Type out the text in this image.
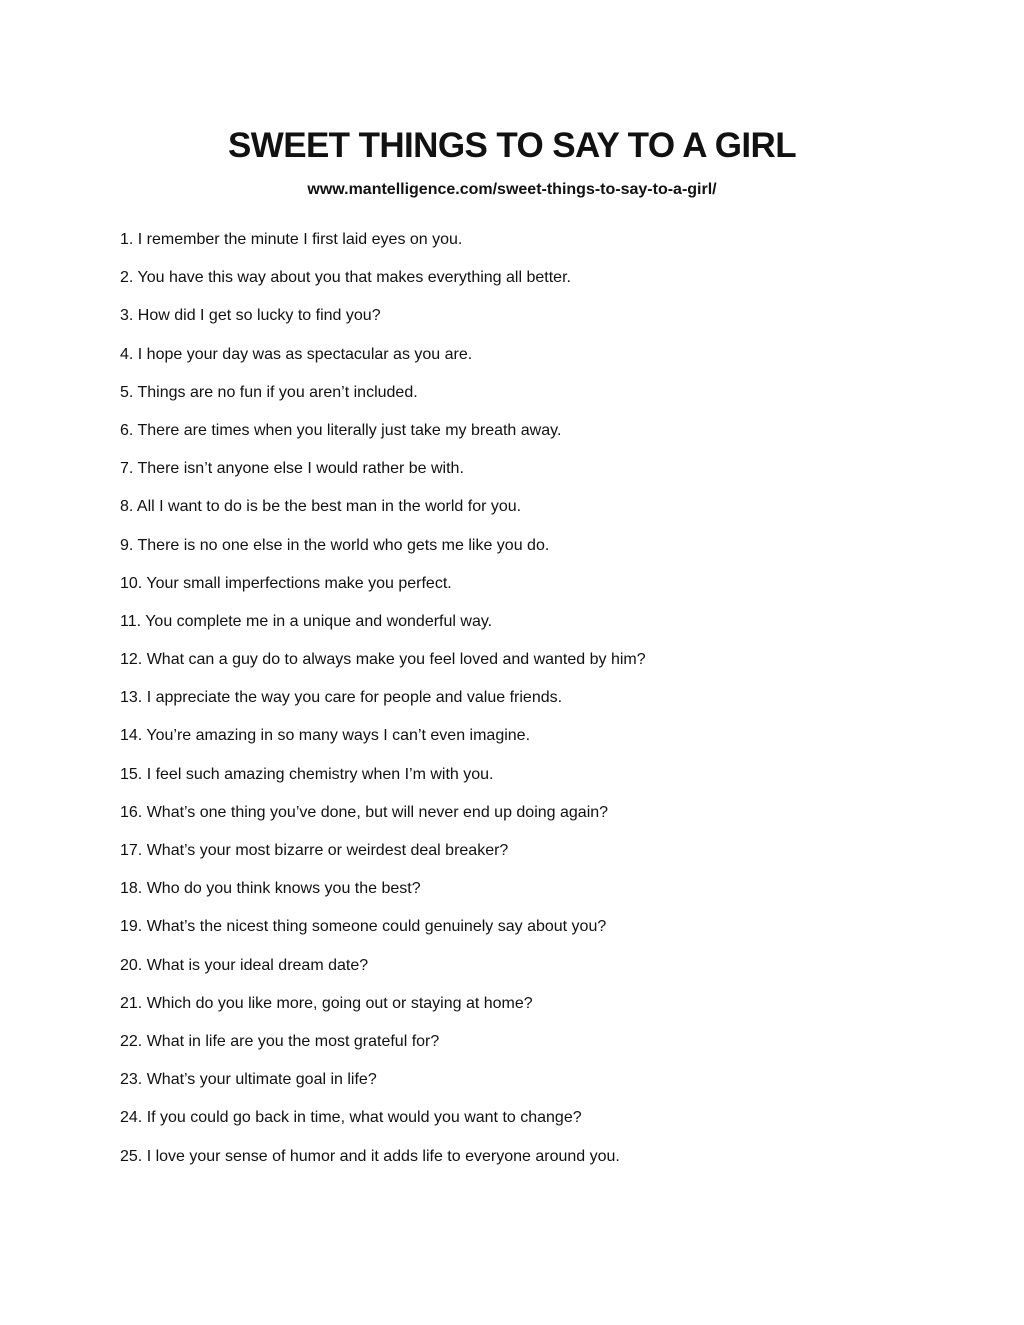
SWEET THINGS TO SAY TO A GIRL
www.mantelligence.com/sweet-things-to-say-to-a-girl/
1. I remember the minute I first laid eyes on you.
2. You have this way about you that makes everything all better.
3. How did I get so lucky to find you?
4. I hope your day was as spectacular as you are.
5. Things are no fun if you aren’t included.
6. There are times when you literally just take my breath away.
7. There isn’t anyone else I would rather be with.
8. All I want to do is be the best man in the world for you.
9. There is no one else in the world who gets me like you do.
10. Your small imperfections make you perfect.
11. You complete me in a unique and wonderful way.
12. What can a guy do to always make you feel loved and wanted by him?
13. I appreciate the way you care for people and value friends.
14. You’re amazing in so many ways I can’t even imagine.
15. I feel such amazing chemistry when I’m with you.
16. What’s one thing you’ve done, but will never end up doing again?
17. What’s your most bizarre or weirdest deal breaker?
18. Who do you think knows you the best?
19. What’s the nicest thing someone could genuinely say about you?
20. What is your ideal dream date?
21. Which do you like more, going out or staying at home?
22. What in life are you the most grateful for?
23. What’s your ultimate goal in life?
24. If you could go back in time, what would you want to change?
25. I love your sense of humor and it adds life to everyone around you.
